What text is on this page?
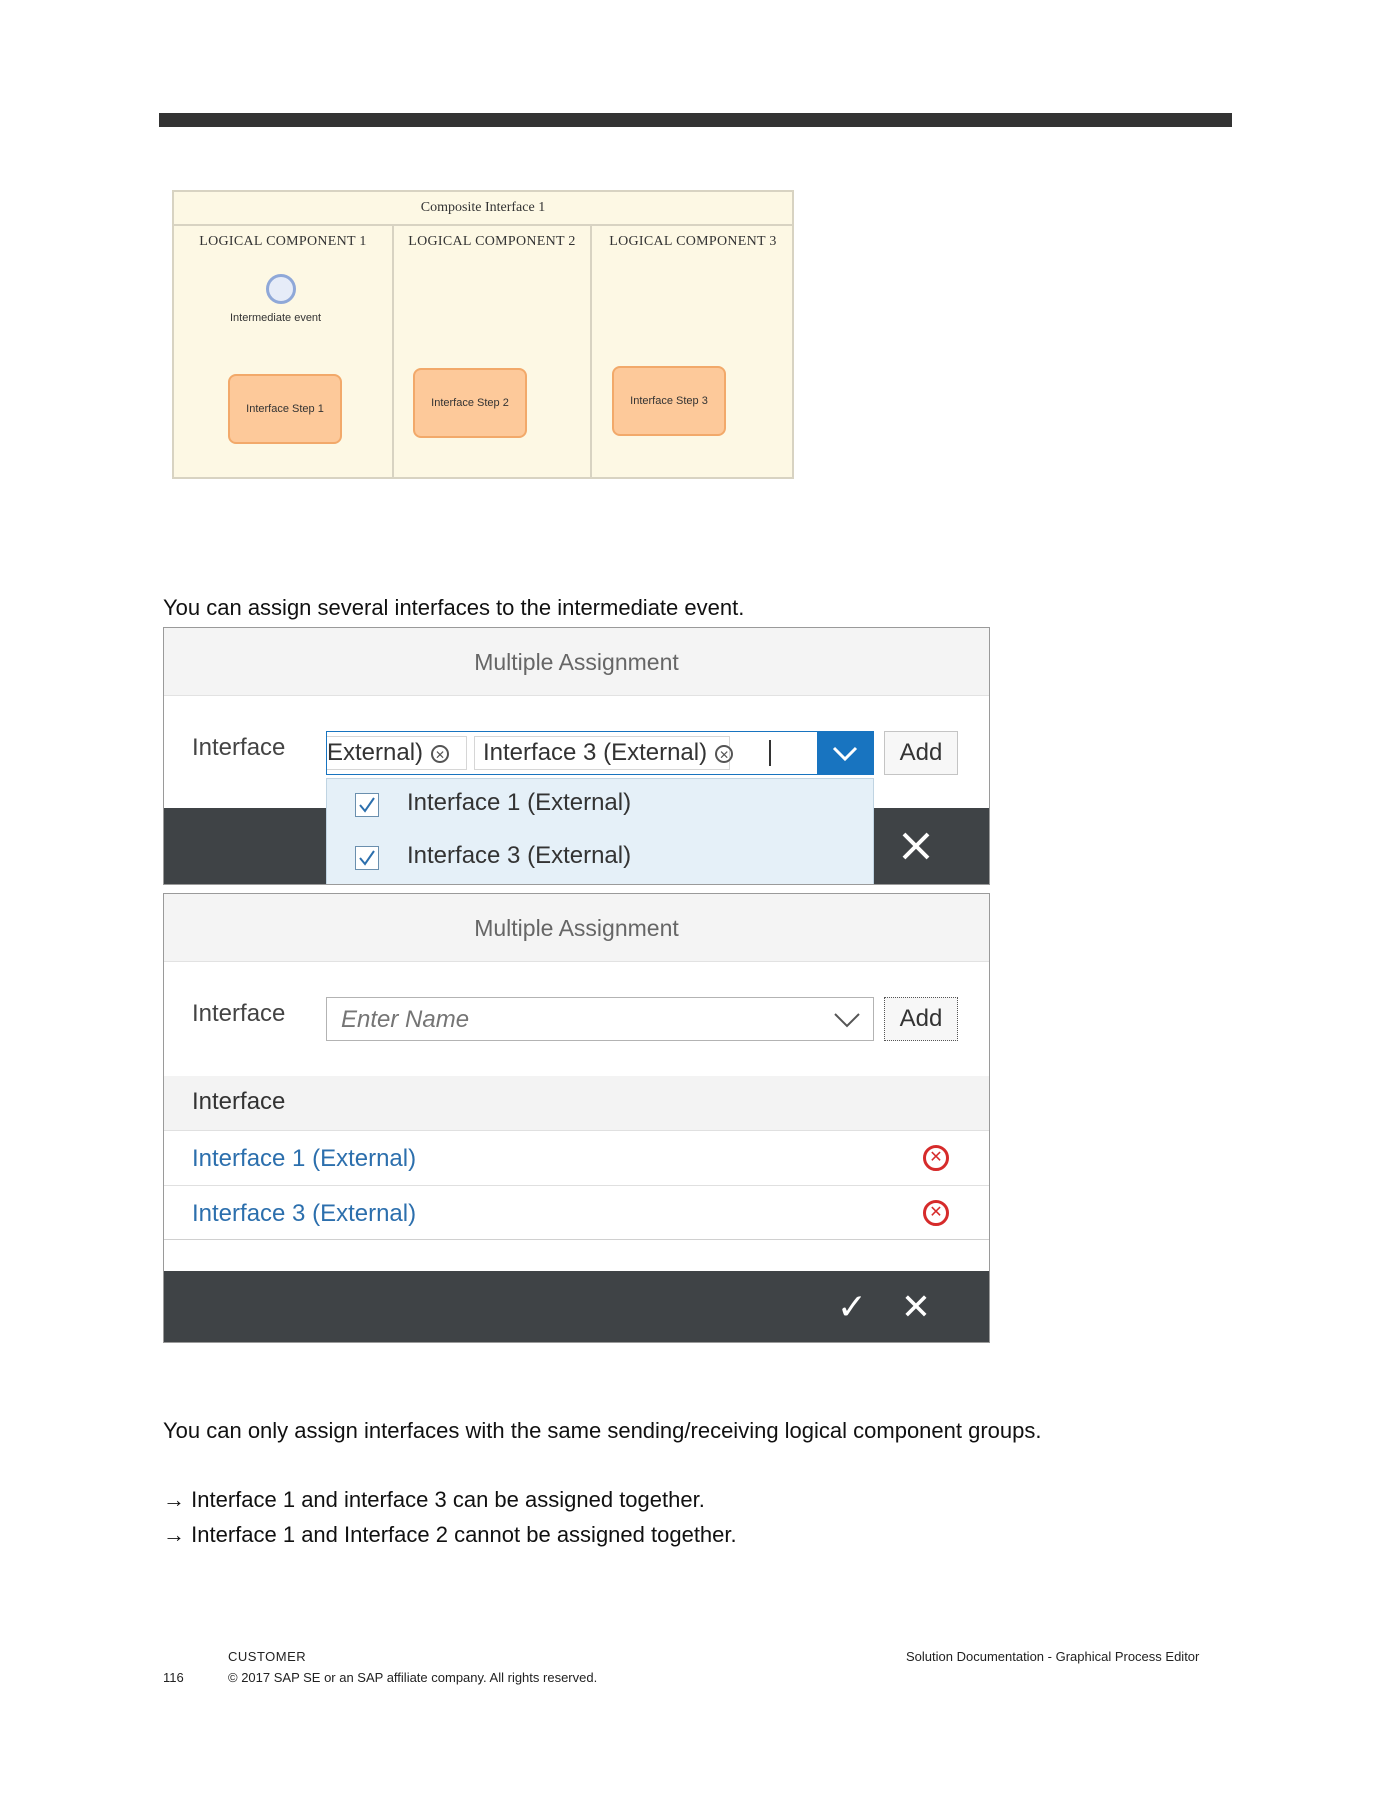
Composite Interface 1
LOGICAL COMPONENT 1
Intermediate event
Interface Step 1
LOGICAL COMPONENT 2
Interface Step 2
LOGICAL COMPONENT 3
Interface Step 3
You can assign several interfaces to the intermediate event.
Multiple Assignment
Interface External) ✕	Interface 3 (External) ✕	Add
Interface 1 (External)
Interface 3 (External)
Multiple Assignment
Interface
Enter Name	Add
Interface
Interface 1 (External)	✕
Interface 3 (External)	✕
✓ ✕
You can only assign interfaces with the same sending/receiving logical component groups.
→ Interface 1 and interface 3 can be assigned together.
→ Interface 1 and Interface 2 cannot be assigned together.
CUSTOMER
116	© 2017 SAP SE or an SAP affiliate company. All rights reserved.
Solution Documentation - Graphical Process Editor
